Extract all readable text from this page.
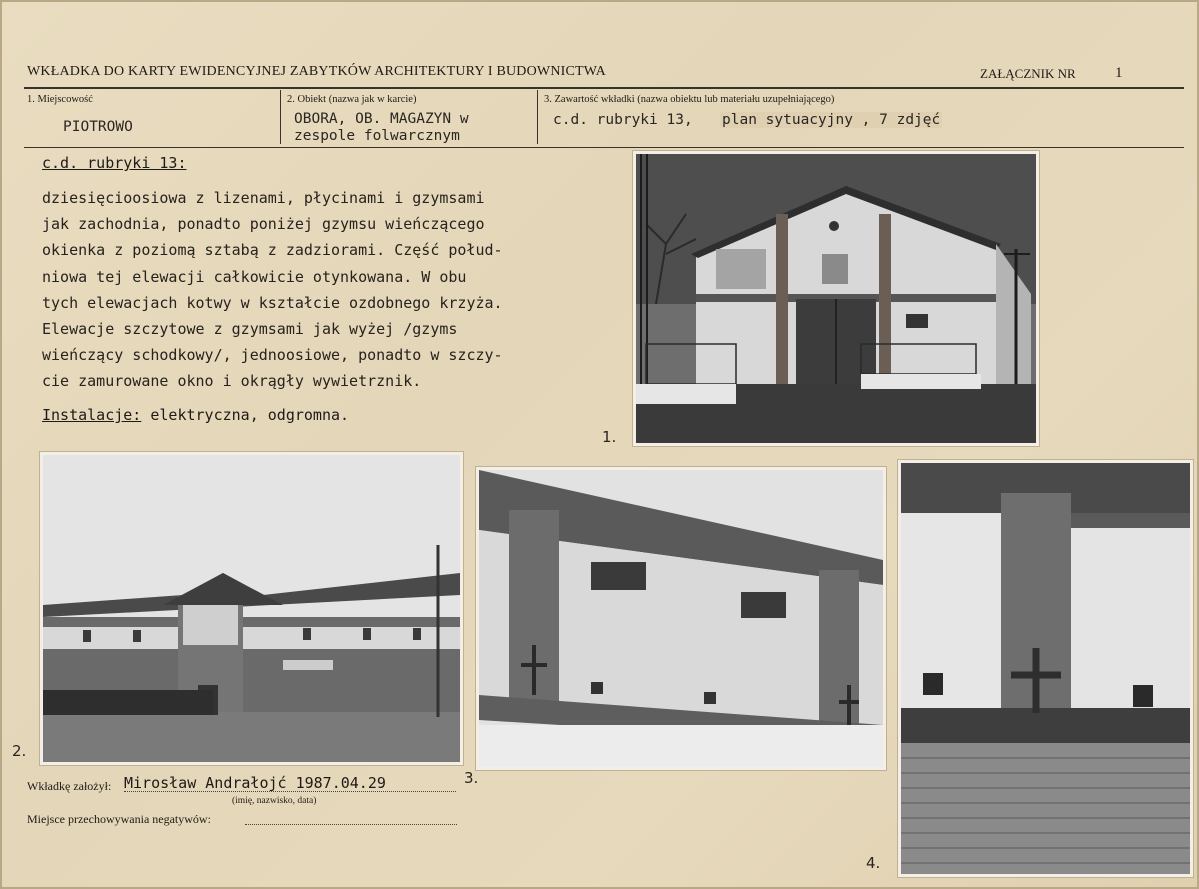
WKŁADKA DO KARTY EWIDENCYJNEJ ZABYTKÓW ARCHITEKTURY I BUDOWNICTWA	ZAŁĄCZNIK NR	1
1. Miejscowość
PIOTROWO
2. Obiekt (nazwa jak w karcie)
OBORA, OB. MAGAZYN w
zespole folwarcznym
3. Zawartość wkładki (nazwa obiektu lub materiału uzupełniającego)
c.d. rubryki 13, plan sytuacyjny , 7 zdjęć
c.d. rubryki 13:
dziesięcioosiowa z lizenami, płycinami i gzymsami
jak zachodnia, ponadto poniżej gzymsu wieńczącego
okienka z poziomą sztabą z zadziorami. Część połud-
niowa tej elewacji całkowicie otynkowana. W obu
tych elewacjach kotwy w kształcie ozdobnego krzyża.
Elewacje szczytowe z gzymsami jak wyżej /gzyms
wieńczący schodkowy/, jednoosiowe, ponadto w szczy-
cie zamurowane okno i okrągły wywietrznik.
Instalacje: elektryczna, odgromna.
1.
2.
3.
4.
Wkładkę założył: Mirosław Andrałojć 1987.04.29
(imię, nazwisko, data)
Miejsce przechowywania negatywów:
